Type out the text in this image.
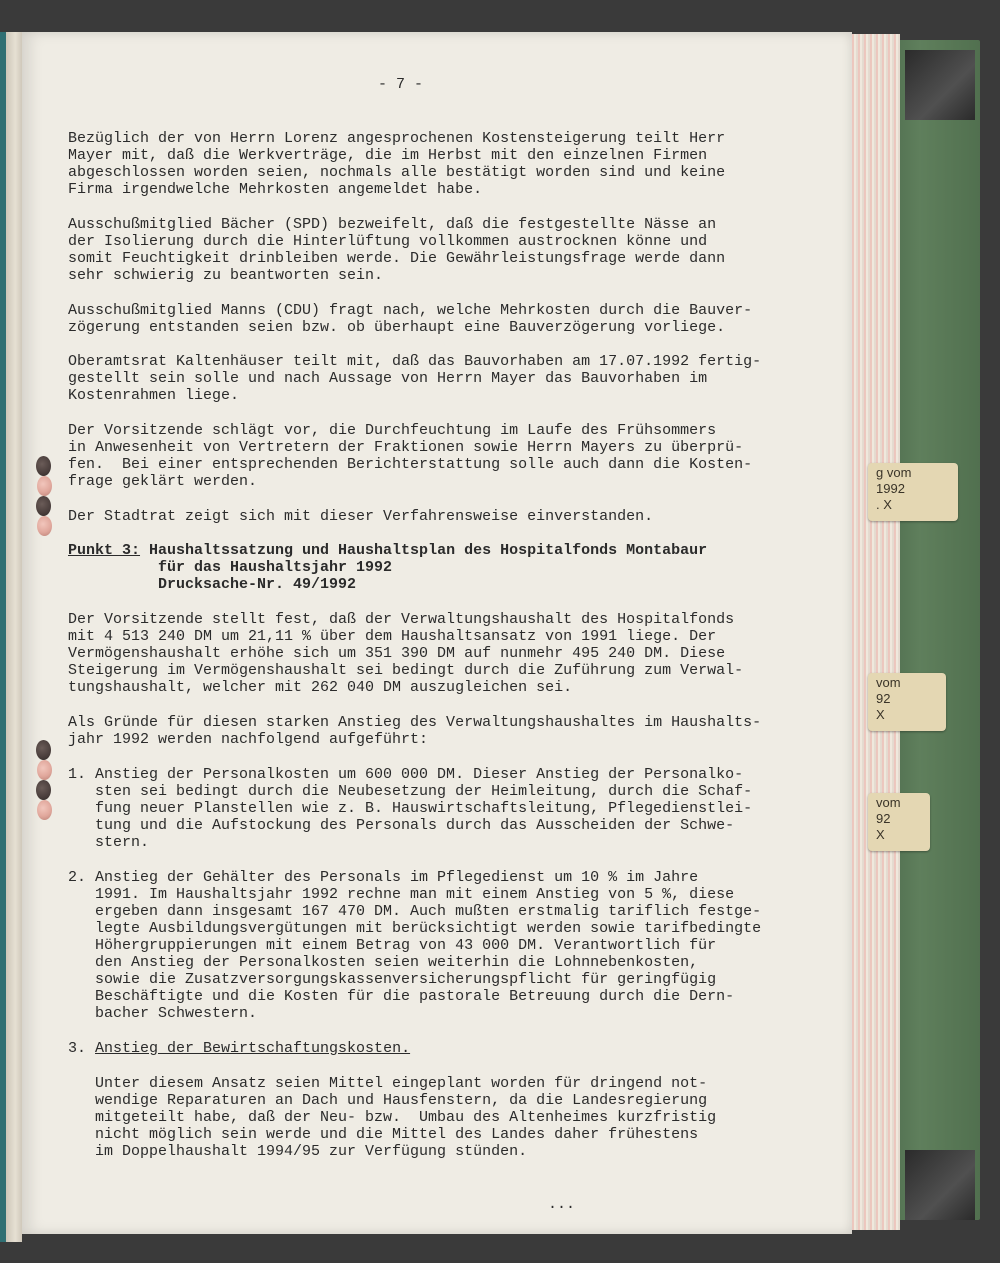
g vom
1992
. X
vom
92
X
vom
92
X
- 7 -
Bezüglich der von Herrn Lorenz angesprochenen Kostensteigerung teilt Herr
Mayer mit, daß die Werkverträge, die im Herbst mit den einzelnen Firmen
abgeschlossen worden seien, nochmals alle bestätigt worden sind und keine
Firma irgendwelche Mehrkosten angemeldet habe.
Ausschußmitglied Bächer (SPD) bezweifelt, daß die festgestellte Nässe an
der Isolierung durch die Hinterlüftung vollkommen austrocknen könne und
somit Feuchtigkeit drinbleiben werde. Die Gewährleistungsfrage werde dann
sehr schwierig zu beantworten sein.
Ausschußmitglied Manns (CDU) fragt nach, welche Mehrkosten durch die Bauver-
zögerung entstanden seien bzw. ob überhaupt eine Bauverzögerung vorliege.
Oberamtsrat Kaltenhäuser teilt mit, daß das Bauvorhaben am 17.07.1992 fertig-
gestellt sein solle und nach Aussage von Herrn Mayer das Bauvorhaben im
Kostenrahmen liege.
Der Vorsitzende schlägt vor, die Durchfeuchtung im Laufe des Frühsommers
in Anwesenheit von Vertretern der Fraktionen sowie Herrn Mayers zu überprü-
fen.  Bei einer entsprechenden Berichterstattung solle auch dann die Kosten-
frage geklärt werden.
Der Stadtrat zeigt sich mit dieser Verfahrensweise einverstanden.
Punkt 3: Haushaltssatzung und Haushaltsplan des Hospitalfonds Montabaur
für das Haushaltsjahr 1992
Drucksache-Nr. 49/1992
Der Vorsitzende stellt fest, daß der Verwaltungshaushalt des Hospitalfonds
mit 4 513 240 DM um 21,11 % über dem Haushaltsansatz von 1991 liege. Der
Vermögenshaushalt erhöhe sich um 351 390 DM auf nunmehr 495 240 DM. Diese
Steigerung im Vermögenshaushalt sei bedingt durch die Zuführung zum Verwal-
tungshaushalt, welcher mit 262 040 DM auszugleichen sei.
Als Gründe für diesen starken Anstieg des Verwaltungshaushaltes im Haushalts-
jahr 1992 werden nachfolgend aufgeführt:
1. Anstieg der Personalkosten um 600 000 DM. Dieser Anstieg der Personalko-
sten sei bedingt durch die Neubesetzung der Heimleitung, durch die Schaf-
fung neuer Planstellen wie z. B. Hauswirtschaftsleitung, Pflegedienstlei-
tung und die Aufstockung des Personals durch das Ausscheiden der Schwe-
stern.
2. Anstieg der Gehälter des Personals im Pflegedienst um 10 % im Jahre
1991. Im Haushaltsjahr 1992 rechne man mit einem Anstieg von 5 %, diese
ergeben dann insgesamt 167 470 DM. Auch mußten erstmalig tariflich festge-
legte Ausbildungsvergütungen mit berücksichtigt werden sowie tarifbedingte
Höhergruppierungen mit einem Betrag von 43 000 DM. Verantwortlich für
den Anstieg der Personalkosten seien weiterhin die Lohnnebenkosten,
sowie die Zusatzversorgungskassenversicherungspflicht für geringfügig
Beschäftigte und die Kosten für die pastorale Betreuung durch die Dern-
bacher Schwestern.
3. Anstieg der Bewirtschaftungskosten.
Unter diesem Ansatz seien Mittel eingeplant worden für dringend not-
wendige Reparaturen an Dach und Hausfenstern, da die Landesregierung
mitgeteilt habe, daß der Neu- bzw.  Umbau des Altenheimes kurzfristig
nicht möglich sein werde und die Mittel des Landes daher frühestens
im Doppelhaushalt 1994/95 zur Verfügung stünden.
...
